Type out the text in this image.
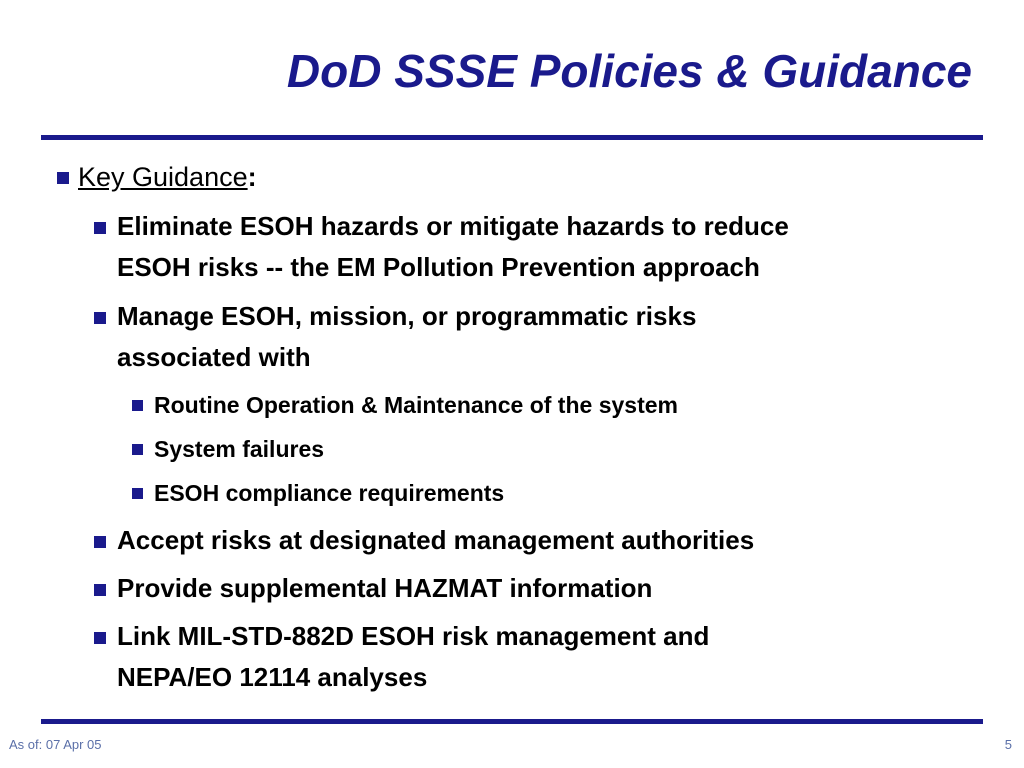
DoD SSSE Policies & Guidance
Key Guidance:
Eliminate ESOH hazards or mitigate hazards to reduce
ESOH risks -- the EM Pollution Prevention approach
Manage ESOH, mission, or programmatic risks
associated with
Routine Operation & Maintenance of the system
System failures
ESOH compliance requirements
Accept risks at designated management authorities
Provide supplemental HAZMAT information
Link MIL-STD-882D ESOH risk management and
NEPA/EO 12114 analyses
As of: 07 Apr 05	5
